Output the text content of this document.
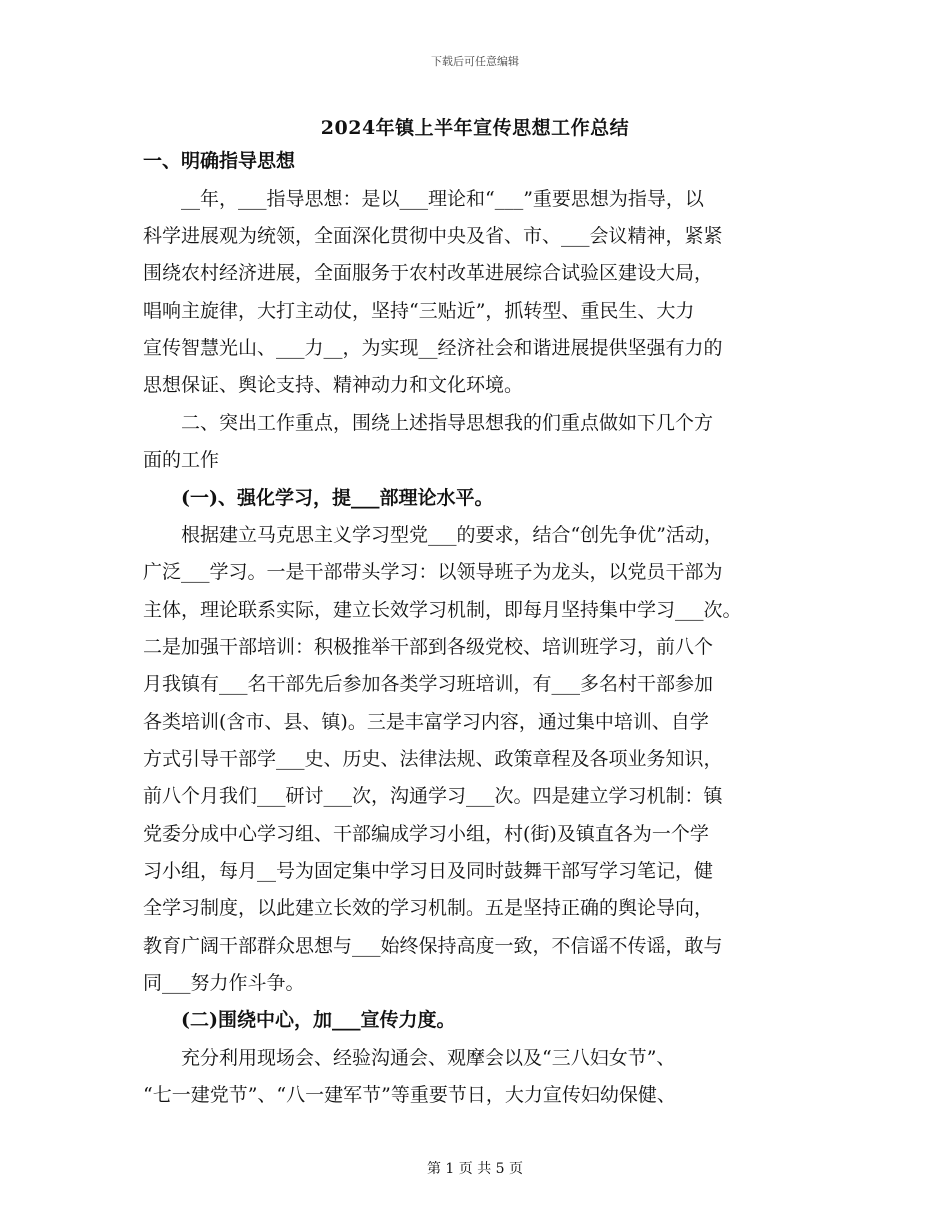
下载后可任意编辑
2024年镇上半年宣传思想工作总结
一、明确指导思想
　　__年，___指导思想：是以___理论和“___”重要思想为指导，以
科学进展观为统领，全面深化贯彻中央及省、市、___会议精神，紧紧
围绕农村经济进展，全面服务于农村改革进展综合试验区建设大局，
唱响主旋律，大打主动仗，坚持“三贴近”，抓转型、重民生、大力
宣传智慧光山、___力__，为实现__经济社会和谐进展提供坚强有力的
思想保证、舆论支持、精神动力和文化环境。
　　二、突出工作重点，围绕上述指导思想我的们重点做如下几个方
面的工作
　　(一)、强化学习，提___部理论水平。
　　根据建立马克思主义学习型党___的要求，结合“创先争优”活动，
广泛___学习。一是干部带头学习：以领导班子为龙头，以党员干部为
主体，理论联系实际，建立长效学习机制，即每月坚持集中学习___次。
二是加强干部培训：积极推举干部到各级党校、培训班学习，前八个
月我镇有___名干部先后参加各类学习班培训，有___多名村干部参加
各类培训(含市、县、镇)。三是丰富学习内容，通过集中培训、自学
方式引导干部学___史、历史、法律法规、政策章程及各项业务知识，
前八个月我们___研讨___次，沟通学习___次。四是建立学习机制：镇
党委分成中心学习组、干部编成学习小组，村(街)及镇直各为一个学
习小组，每月__号为固定集中学习日及同时鼓舞干部写学习笔记，健
全学习制度，以此建立长效的学习机制。五是坚持正确的舆论导向，
教育广阔干部群众思想与___始终保持高度一致，不信谣不传谣，敢与
同___努力作斗争。
　　(二)围绕中心，加___宣传力度。
　　充分利用现场会、经验沟通会、观摩会以及“三八妇女节”、
“七一建党节”、“八一建军节”等重要节日，大力宣传妇幼保健、
第 1 页 共 5 页
